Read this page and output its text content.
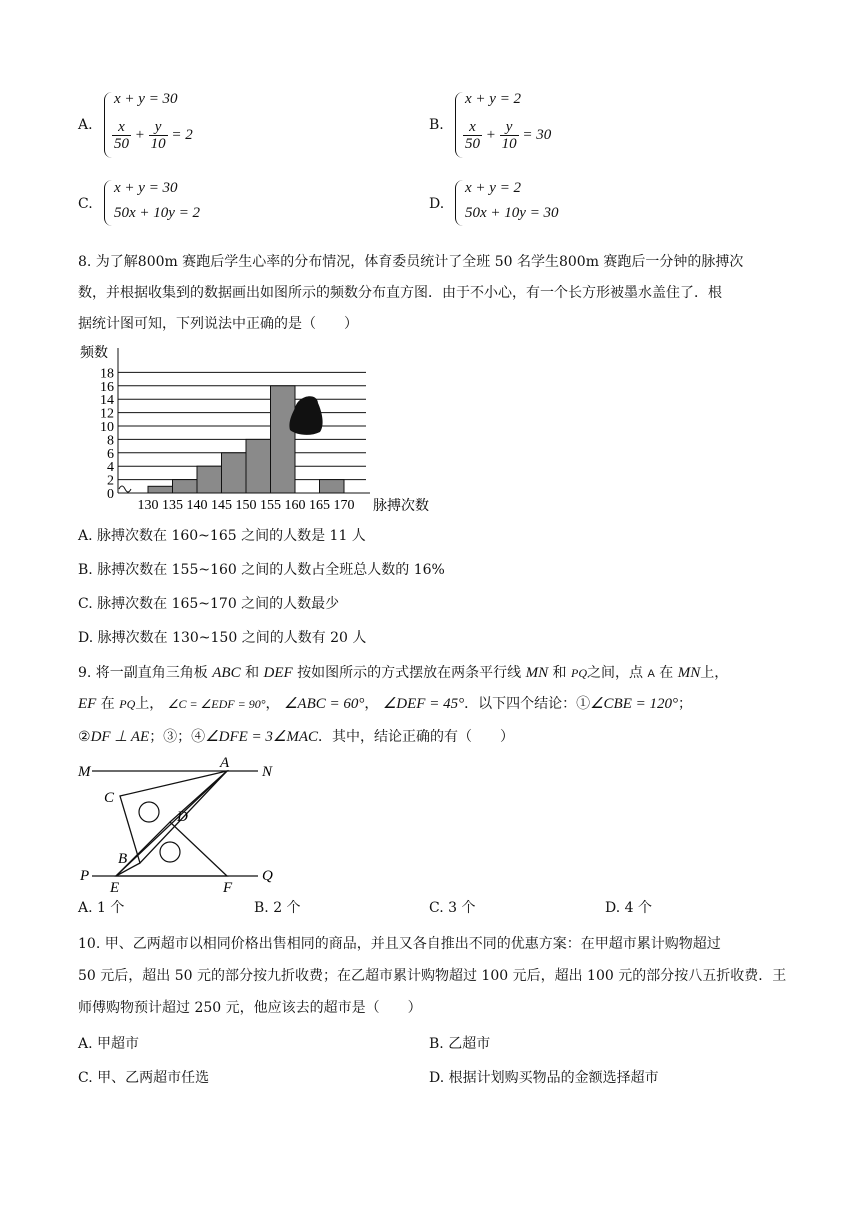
A.
x + y = 30
$\frac{x}{50} + \frac{y}{10} = 2$
B.
x + y = 2
$\frac{x}{50} + \frac{y}{10} = 30$
C.
x + y = 30
50x + 10y = 2
D.
x + y = 2
50x + 10y = 30
8. 为了解800m 赛跑后学生心率的分布情况，体育委员统计了全班 50 名学生800m 赛跑后一分钟的脉搏次
数，并根据收集到的数据画出如图所示的频数分布直方图．由于不小心，有一个长方形被墨水盖住了．根
据统计图可知，下列说法中正确的是（　　）
频数
脉搏次数
0
2
4
6
8
10
12
14
16
18
130 135 140 145 150 155 160 165 170
A. 脉搏次数在 160~165 之间的人数是 11 人
B. 脉搏次数在 155~160 之间的人数占全班总人数的 16%
C. 脉搏次数在 165~170 之间的人数最少
D. 脉搏次数在 130~150 之间的人数有 20 人
9. 将一副直角三角板 ABC 和 DEF 按如图所示的方式摆放在两条平行线 MN 和 PQ之间，点 A 在 MN上，
EF 在 PQ上， ∠C = ∠EDF = 90°， ∠ABC = 60°， ∠DEF = 45°．以下四个结论：①∠CBE = 120°；
②DF ⊥ AE；③；④∠DFE = 3∠MAC．其中，结论正确的有（　　）
M
A
N
C
D
B
P
E	F
Q
A. 1 个	B. 2 个	C. 3 个	D. 4 个
10. 甲、乙两超市以相同价格出售相同的商品，并且又各自推出不同的优惠方案：在甲超市累计购物超过
50 元后，超出 50 元的部分按九折收费；在乙超市累计购物超过 100 元后，超出 100 元的部分按八五折收费．王
师傅购物预计超过 250 元，他应该去的超市是（　　）
A. 甲超市	B. 乙超市
C. 甲、乙两超市任选	D. 根据计划购买物品的金额选择超市
